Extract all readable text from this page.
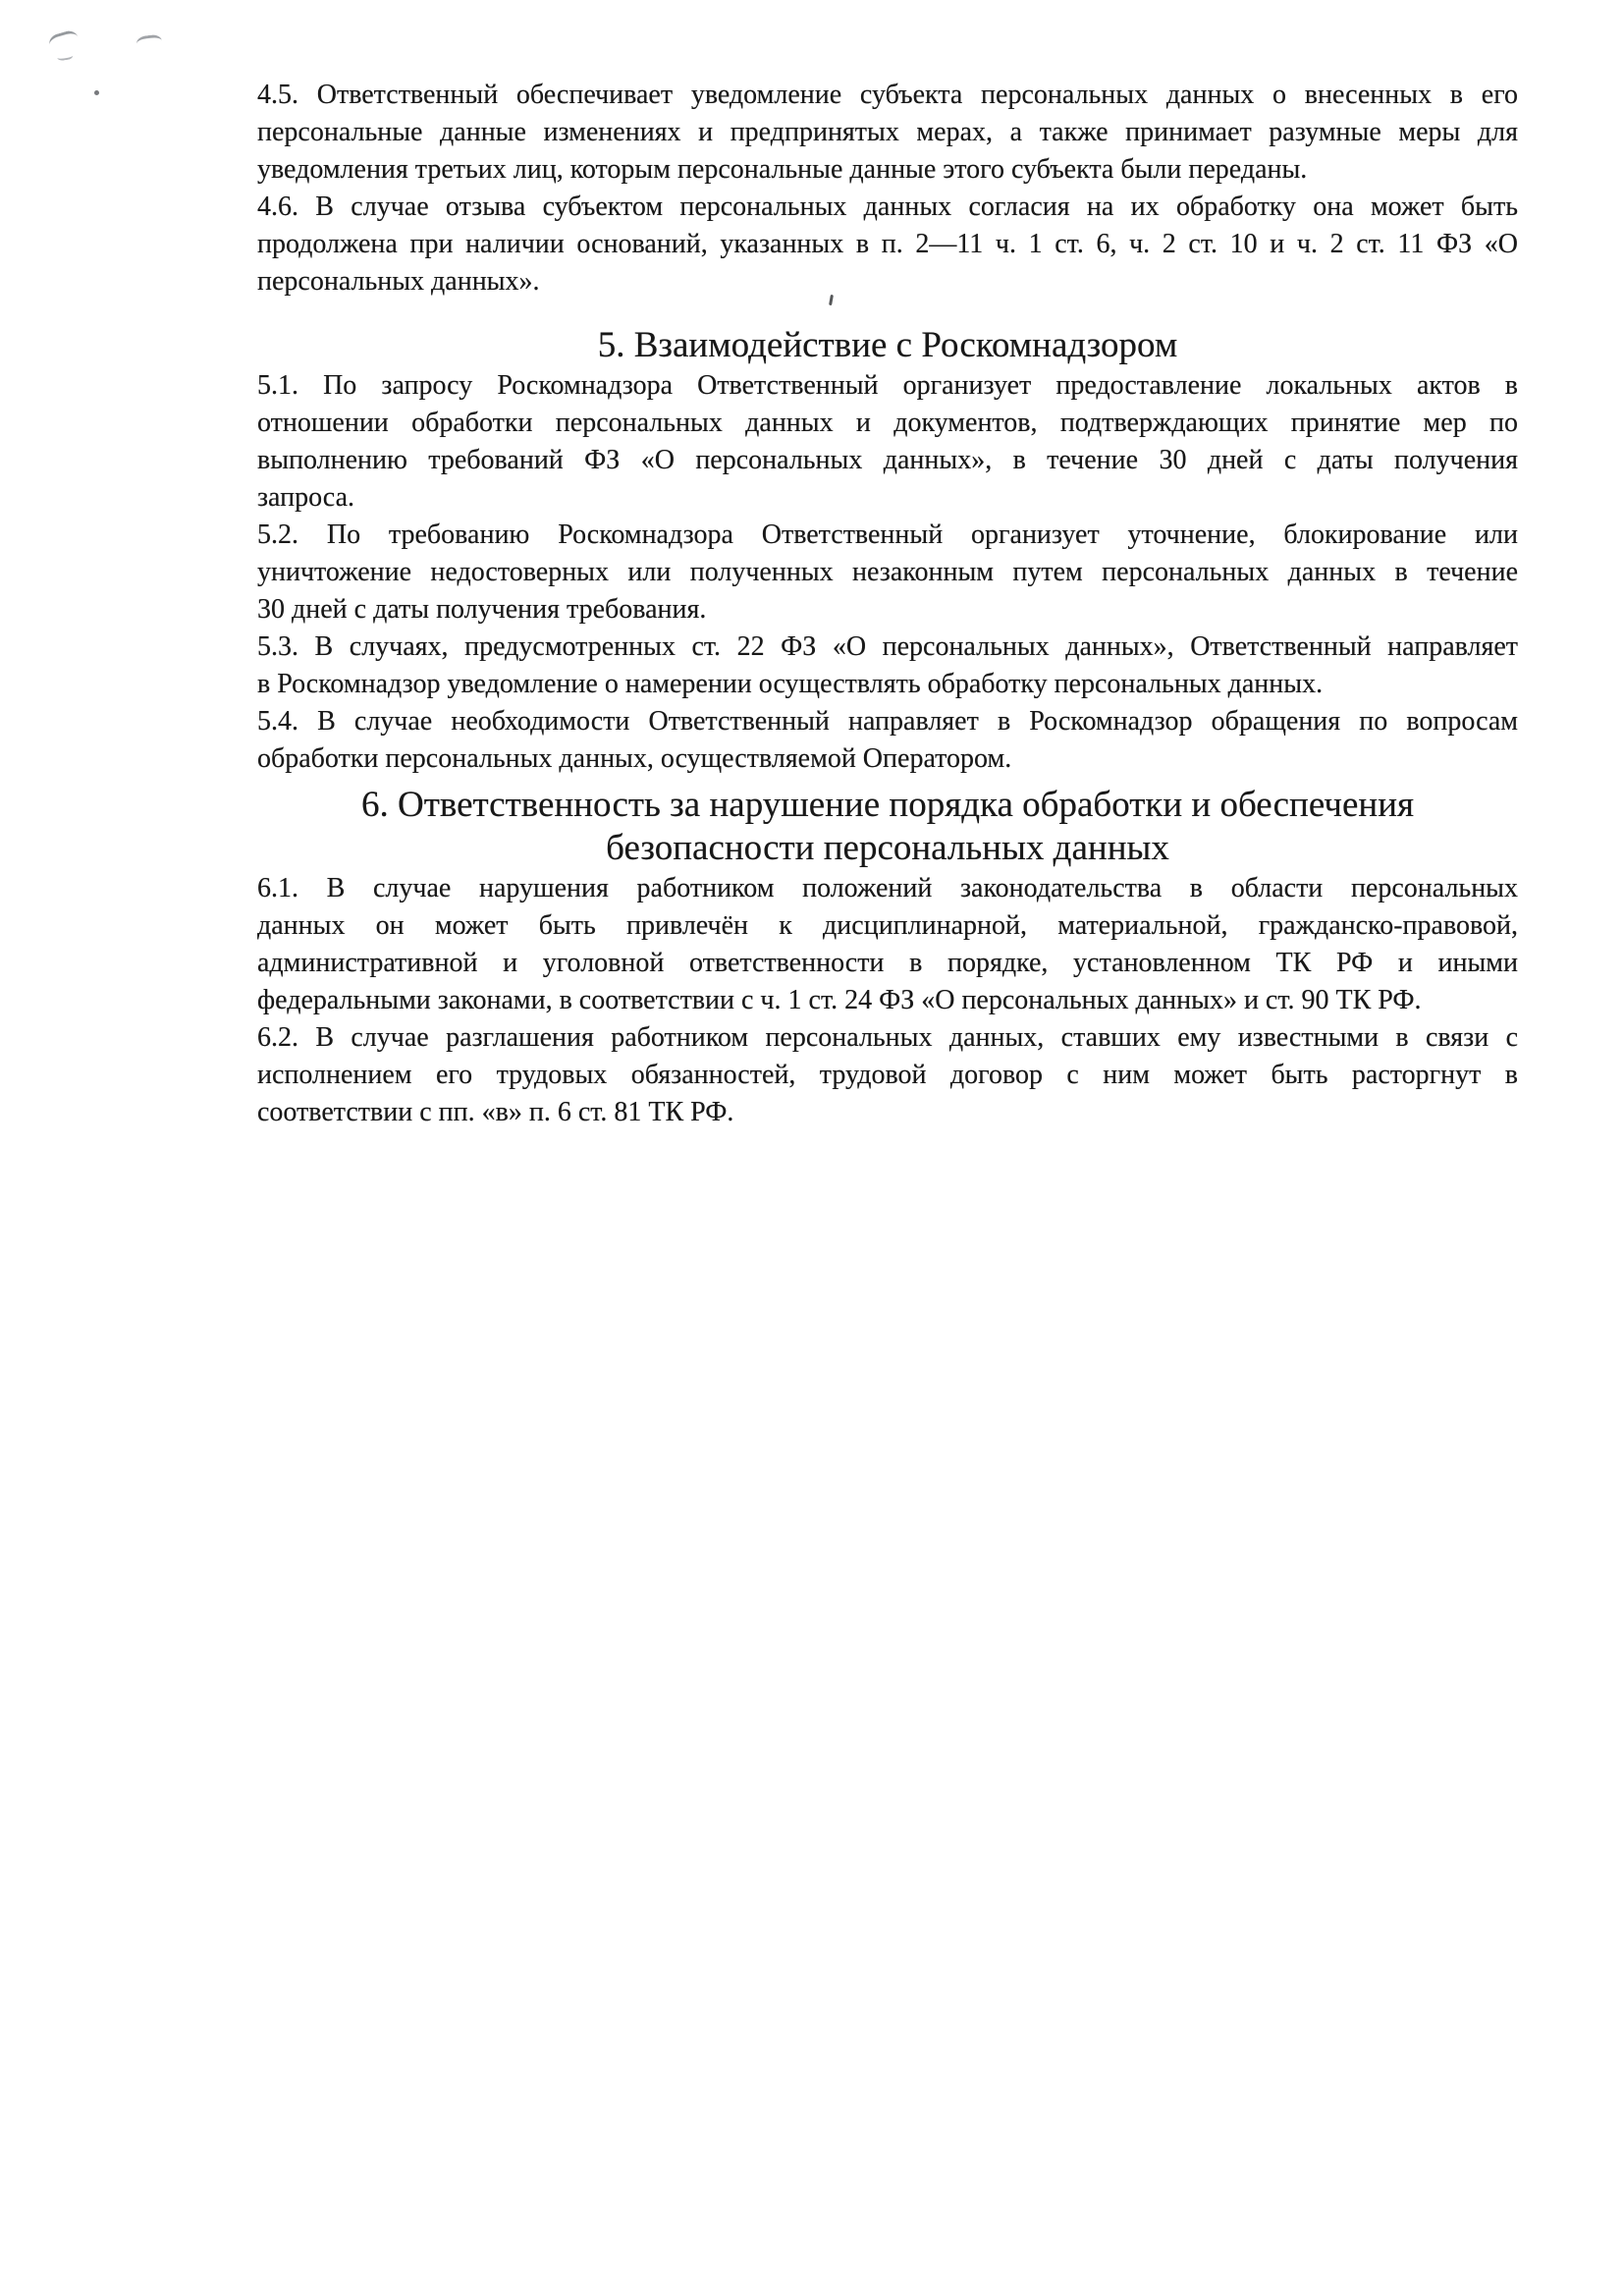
4.5. Ответственный обеспечивает уведомление субъекта персональных данных о внесенных в его
персональные данные изменениях и предпринятых мерах, а также принимает разумные меры для
уведомления третьих лиц, которым персональные данные этого субъекта были переданы.

4.6. В случае отзыва субъектом персональных данных согласия на их обработку она может быть
продолжена при наличии оснований, указанных в п. 2—11 ч. 1 ст. 6, ч. 2 ст. 10 и ч. 2 ст. 11 ФЗ «О
персональных данных».

5. Взаимодействие с Роскомнадзором

5.1. По запросу Роскомнадзора Ответственный организует предоставление локальных актов в
отношении обработки персональных данных и документов, подтверждающих принятие мер по
выполнению требований ФЗ «О персональных данных», в течение 30 дней с даты получения
запроса.

5.2. По требованию Роскомнадзора Ответственный организует уточнение, блокирование или
уничтожение недостоверных или полученных незаконным путем персональных данных в течение
30 дней с даты получения требования.

5.3. В случаях, предусмотренных ст. 22 ФЗ «О персональных данных», Ответственный направляет
в Роскомнадзор уведомление о намерении осуществлять обработку персональных данных.

5.4. В случае необходимости Ответственный направляет в Роскомнадзор обращения по вопросам
обработки персональных данных, осуществляемой Оператором.

6. Ответственность за нарушение порядка обработки и обеспечения
безопасности персональных данных

6.1. В случае нарушения работником положений законодательства в области персональных
данных он может быть привлечён к дисциплинарной, материальной, гражданско-правовой,
административной и уголовной ответственности в порядке, установленном ТК РФ и иными
федеральными законами, в соответствии с ч. 1 ст. 24 ФЗ «О персональных данных» и ст. 90 ТК РФ.

6.2. В случае разглашения работником персональных данных, ставших ему известными в связи с
исполнением его трудовых обязанностей, трудовой договор с ним может быть расторгнут в
соответствии с пп. «в» п. 6 ст. 81 ТК РФ.
